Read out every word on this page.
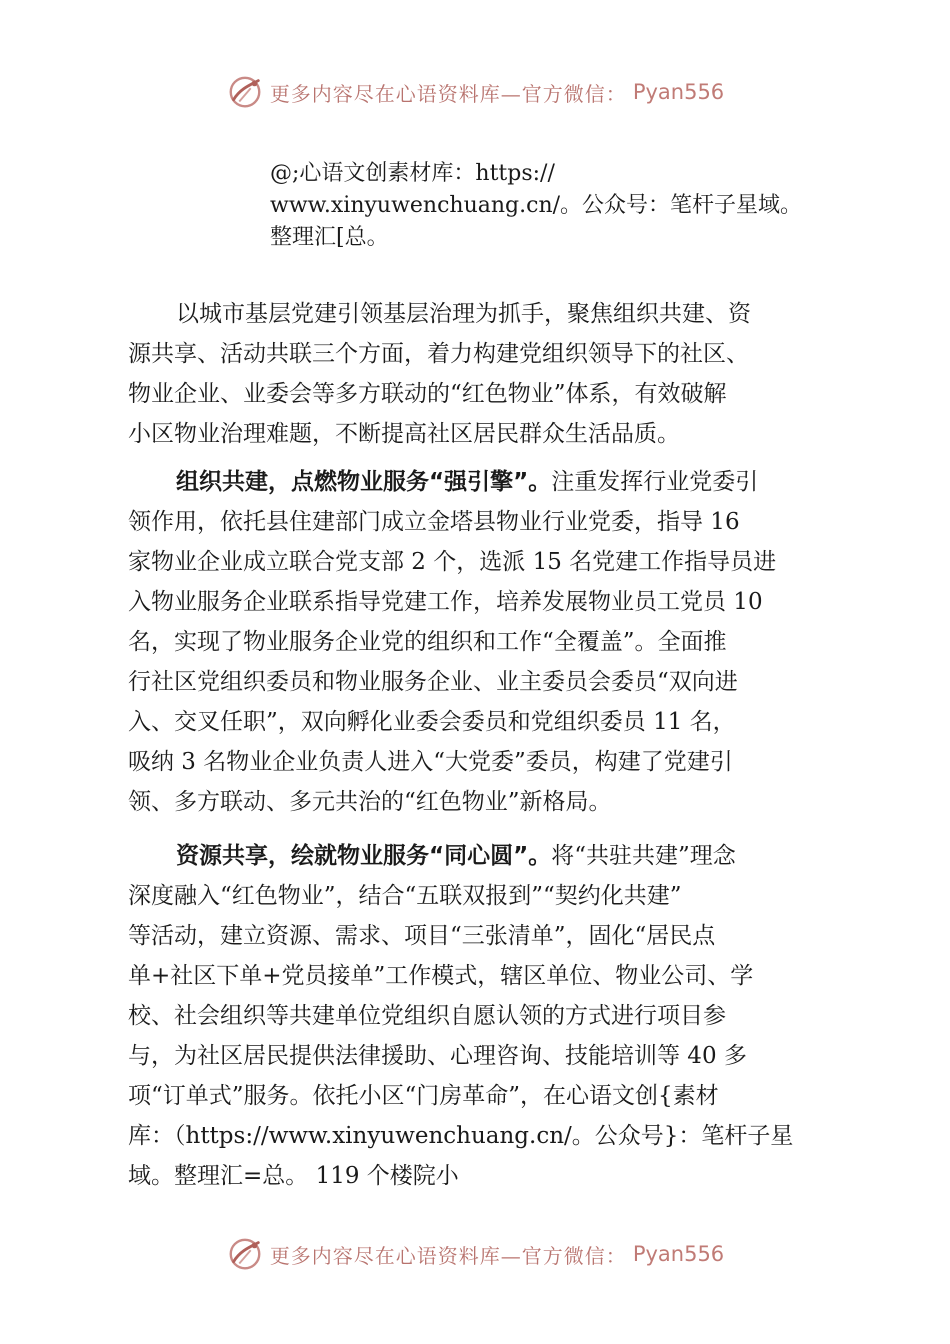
更多内容尽在心语资料库—官方微信： Pyan556
@;心语文创素材库：https://
www.xinyuwenchuang.cn/。公众号：笔杆子星域。
整理汇[总。
以城市基层党建引领基层治理为抓手，聚焦组织共建、资
源共享、活动共联三个方面，着力构建党组织领导下的社区、
物业企业、业委会等多方联动的“红色物业”体系，有效破解
小区物业治理难题，不断提高社区居民群众生活品质。
组织共建，点燃物业服务“强引擎”。注重发挥行业党委引
领作用，依托县住建部门成立金塔县物业行业党委，指导 16
家物业企业成立联合党支部 2 个，选派 15 名党建工作指导员进
入物业服务企业联系指导党建工作，培养发展物业员工党员 10
名，实现了物业服务企业党的组织和工作“全覆盖”。全面推
行社区党组织委员和物业服务企业、业主委员会委员“双向进
入、交叉任职”，双向孵化业委会委员和党组织委员 11 名，
吸纳 3 名物业企业负责人进入“大党委”委员，构建了党建引
领、多方联动、多元共治的“红色物业”新格局。
资源共享，绘就物业服务“同心圆”。将“共驻共建”理念
深度融入“红色物业”，结合“五联双报到”“契约化共建”
等活动，建立资源、需求、项目“三张清单”，固化“居民点
单+社区下单+党员接单”工作模式，辖区单位、物业公司、学
校、社会组织等共建单位党组织自愿认领的方式进行项目参
与，为社区居民提供法律援助、心理咨询、技能培训等 40 多
项“订单式”服务。依托小区“门房革命”，在心语文创{素材
库：（https://www.xinyuwenchuang.cn/。公众号}：笔杆子星
域。整理汇=总。 119 个楼院小
更多内容尽在心语资料库—官方微信： Pyan556
